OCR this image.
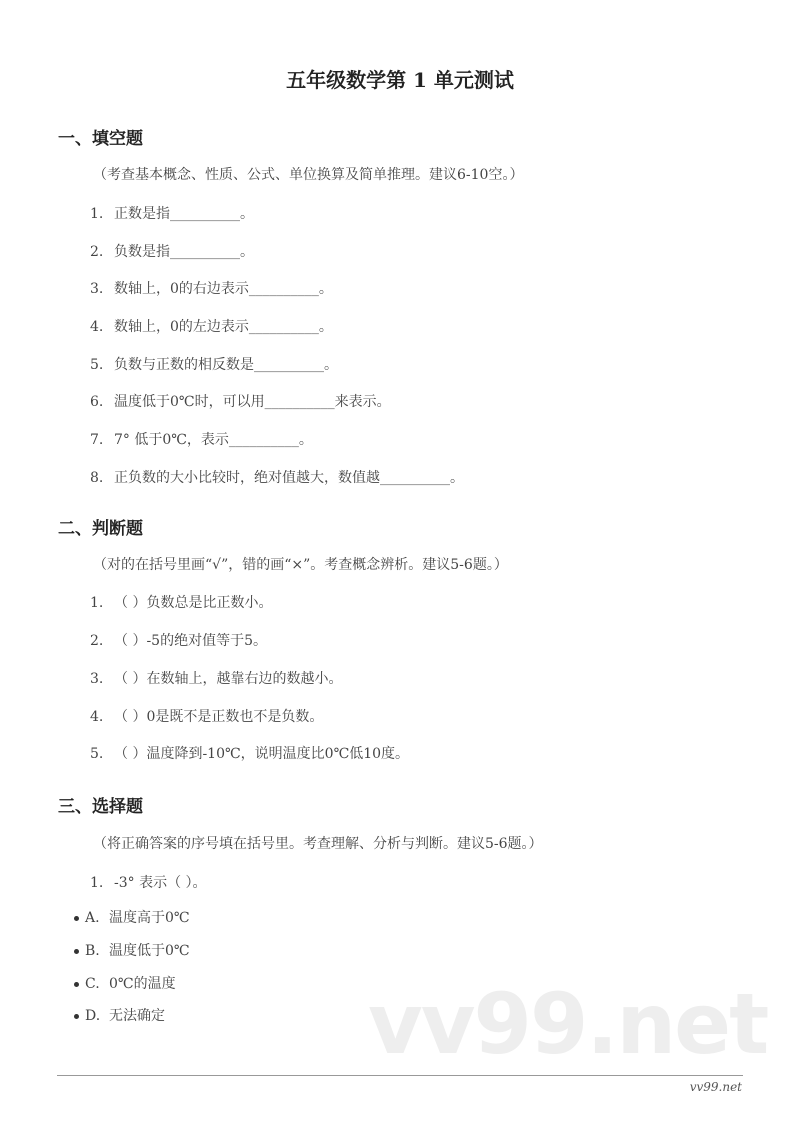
vv99.net
五年级数学第 1 单元测试
一、填空题
（考查基本概念、性质、公式、单位换算及简单推理。建议6-10空。）
1. 正数是指__________。
2. 负数是指__________。
3. 数轴上，0的右边表示__________。
4. 数轴上，0的左边表示__________。
5. 负数与正数的相反数是__________。
6. 温度低于0℃时，可以用__________来表示。
7. 7° 低于0℃，表示__________。
8. 正负数的大小比较时，绝对值越大，数值越__________。
二、判断题
（对的在括号里画“√”，错的画“×”。考查概念辨析。建议5-6题。）
1. （ ）负数总是比正数小。
2. （ ）-5的绝对值等于5。
3. （ ）在数轴上，越靠右边的数越小。
4. （ ）0是既不是正数也不是负数。
5. （ ）温度降到-10℃，说明温度比0℃低10度。
三、选择题
（将正确答案的序号填在括号里。考查理解、分析与判断。建议5-6题。）
1. -3° 表示（ ）。
A. 温度高于0℃
B. 温度低于0℃
C. 0℃的温度
D. 无法确定
vv99.net
